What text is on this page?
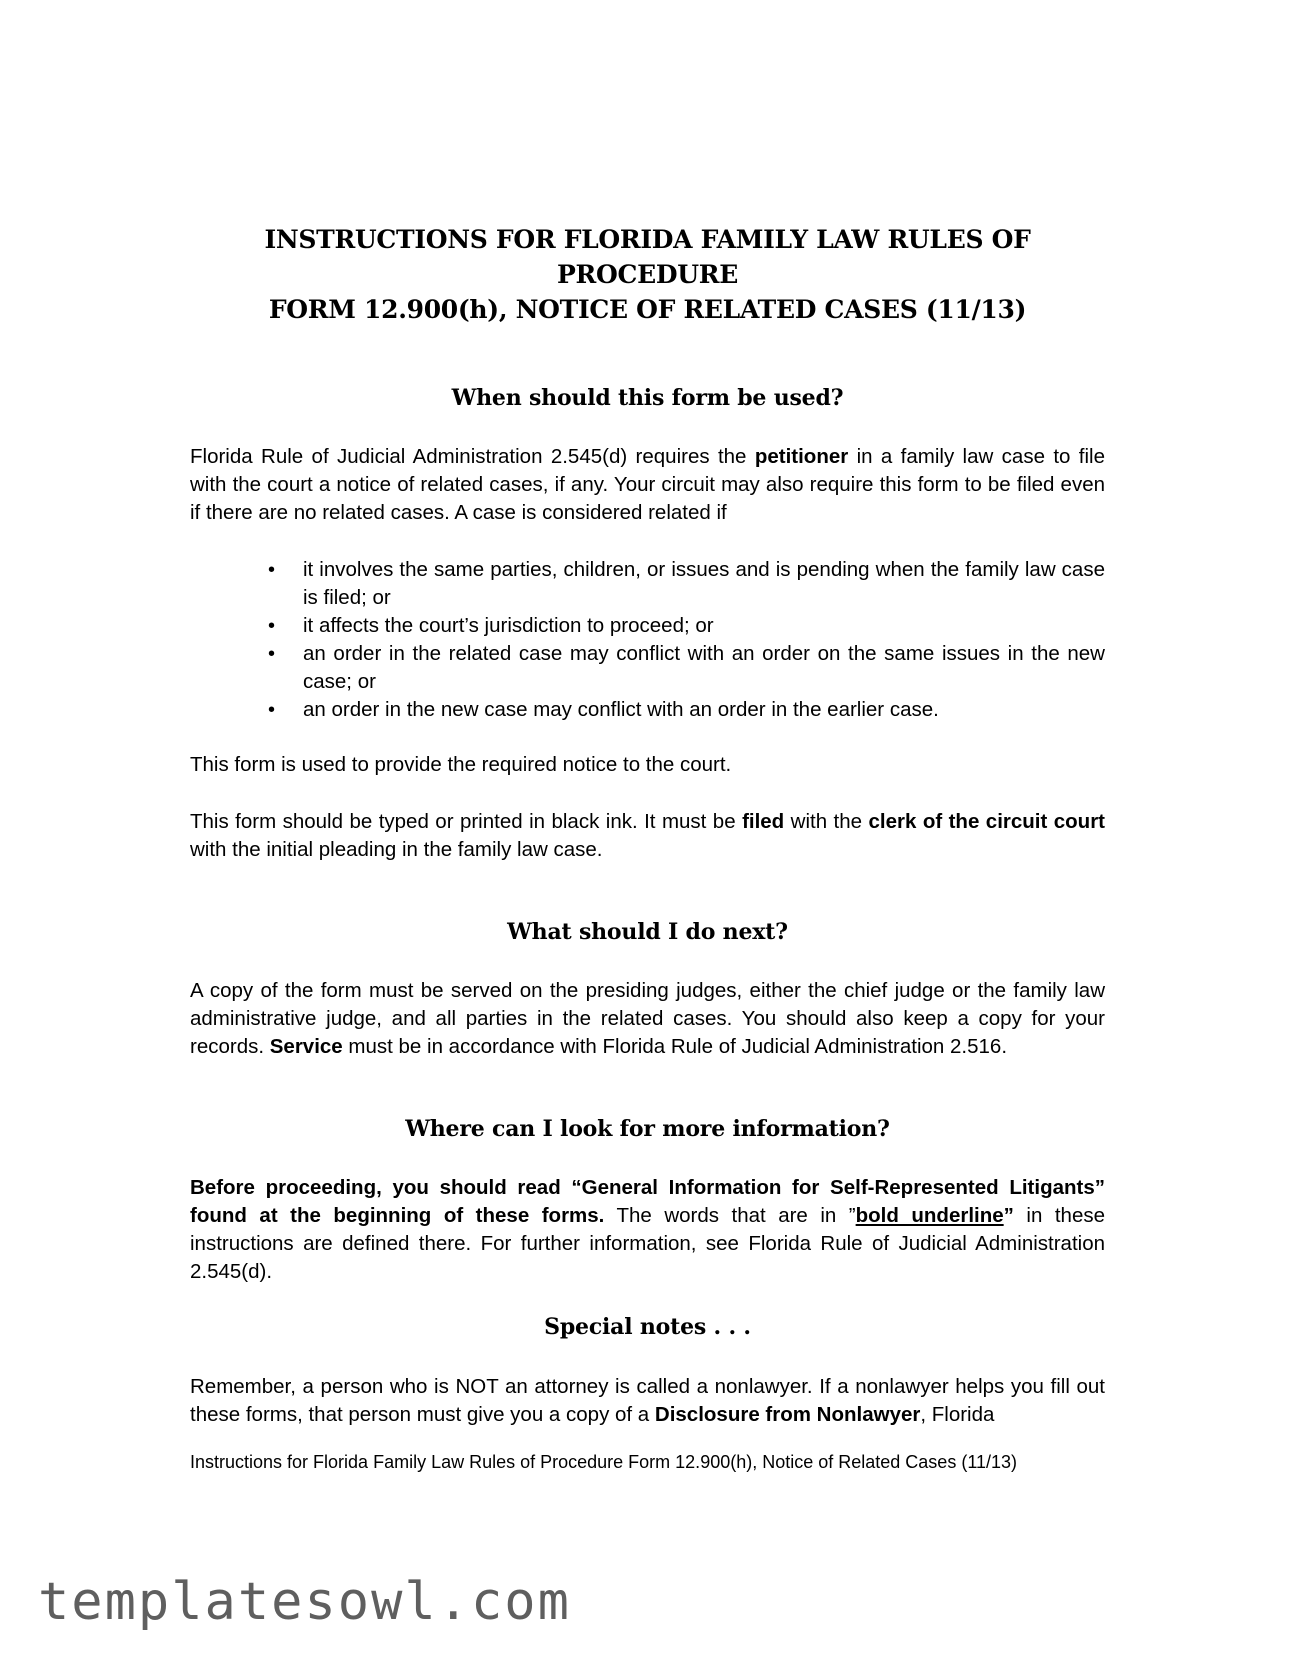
INSTRUCTIONS FOR FLORIDA FAMILY LAW RULES OF PROCEDURE
FORM 12.900(h), NOTICE OF RELATED CASES (11/13)
When should this form be used?

Florida Rule of Judicial Administration 2.545(d) requires the petitioner in a family law case to file with the court a notice of related cases, if any. Your circuit may also require this form to be filed even if there are no related cases. A case is considered related if

• it involves the same parties, children, or issues and is pending when the family law case is filed; or
• it affects the court’s jurisdiction to proceed; or
• an order in the related case may conflict with an order on the same issues in the new case; or
• an order in the new case may conflict with an order in the earlier case.

This form is used to provide the required notice to the court.

This form should be typed or printed in black ink. It must be filed with the clerk of the circuit court with the initial pleading in the family law case.

What should I do next?

A copy of the form must be served on the presiding judges, either the chief judge or the family law administrative judge, and all parties in the related cases. You should also keep a copy for your records. Service must be in accordance with Florida Rule of Judicial Administration 2.516.

Where can I look for more information?

Before proceeding, you should read “General Information for Self-Represented Litigants” found at the beginning of these forms. The words that are in ”bold underline” in these instructions are defined there. For further information, see Florida Rule of Judicial Administration 2.545(d).

Special notes . . .

Remember, a person who is NOT an attorney is called a nonlawyer. If a nonlawyer helps you fill out these forms, that person must give you a copy of a Disclosure from Nonlawyer, Florida

Instructions for Florida Family Law Rules of Procedure Form 12.900(h), Notice of Related Cases (11/13)
templatesowl.com
